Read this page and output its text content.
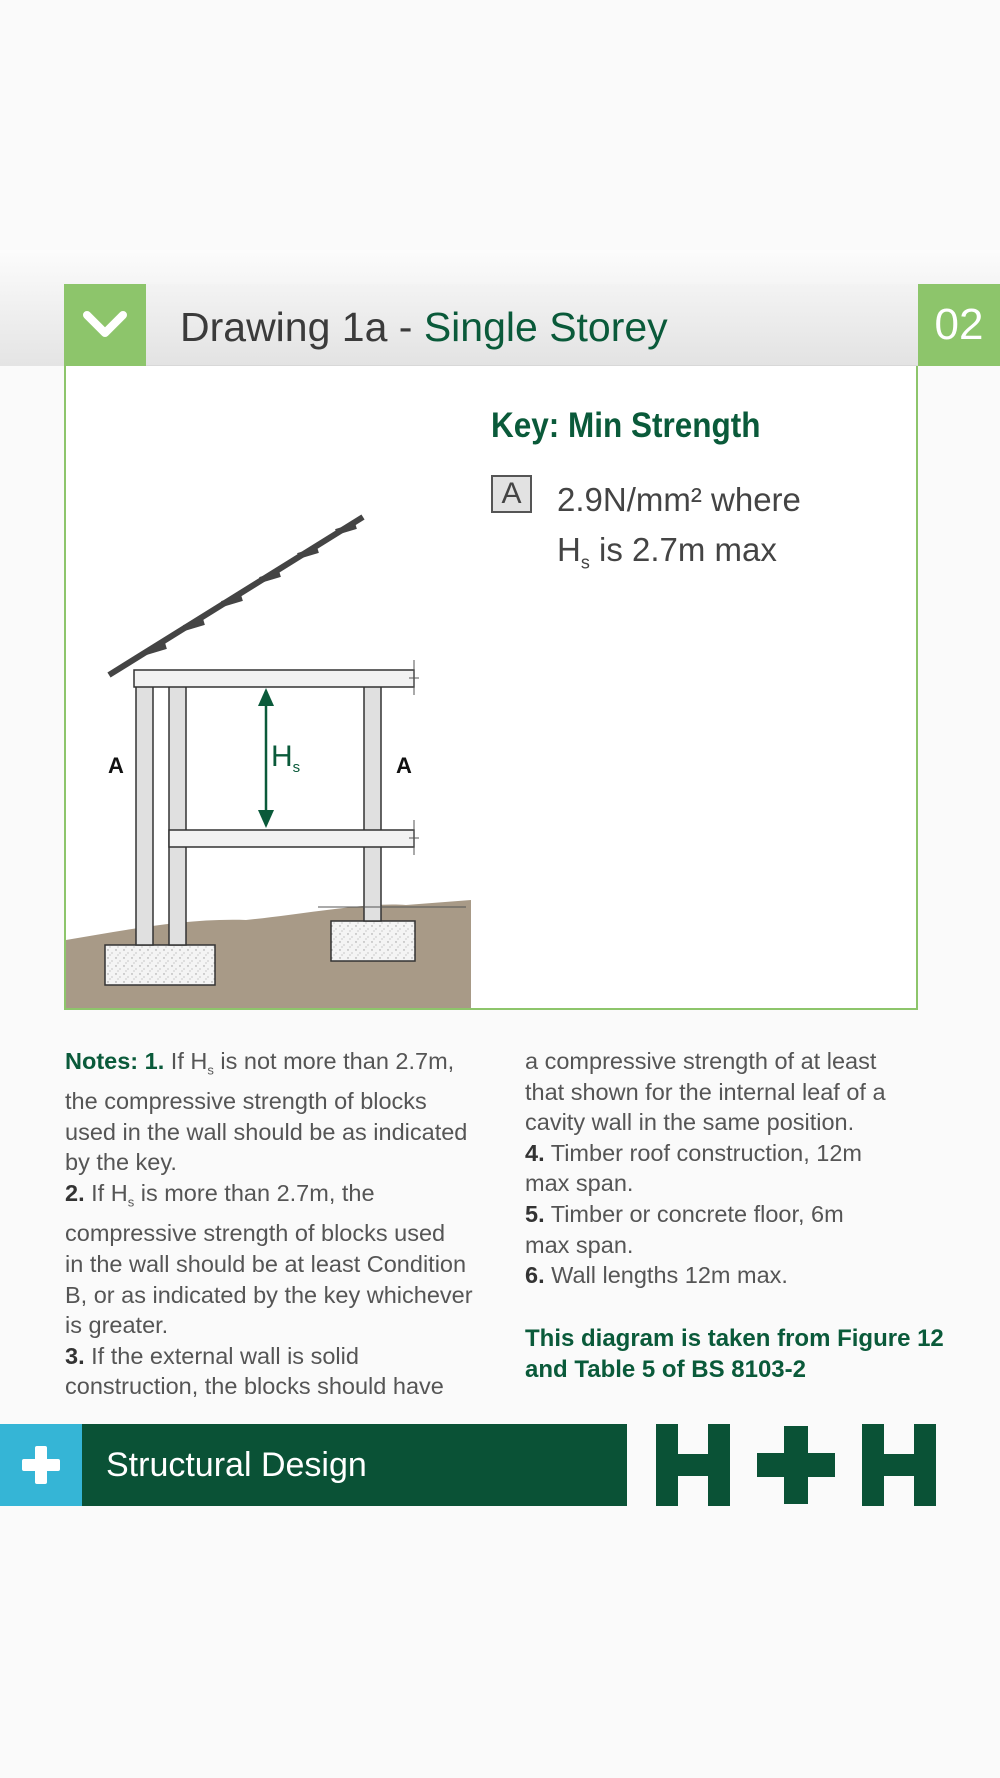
Drawing 1a - Single Storey	02
Key: Min Strength
A	2.9N/mm² where
$H_s$ is 2.7m max
$H_s$
A	A
Notes: 1. If $H_s$ is not more than 2.7m,
the compressive strength of blocks
used in the wall should be as indicated
by the key.
2. If $H_s$ is more than 2.7m, the
compressive strength of blocks used
in the wall should be at least Condition
B, or as indicated by the key whichever
is greater.
3. If the external wall is solid
construction, the blocks should have
a compressive strength of at least
that shown for the internal leaf of a
cavity wall in the same position.
4. Timber roof construction, 12m
max span.
5. Timber or concrete floor, 6m
max span.
6. Wall lengths 12m max.
This diagram is taken from Figure 12
and Table 5 of BS 8103-2
Structural Design
